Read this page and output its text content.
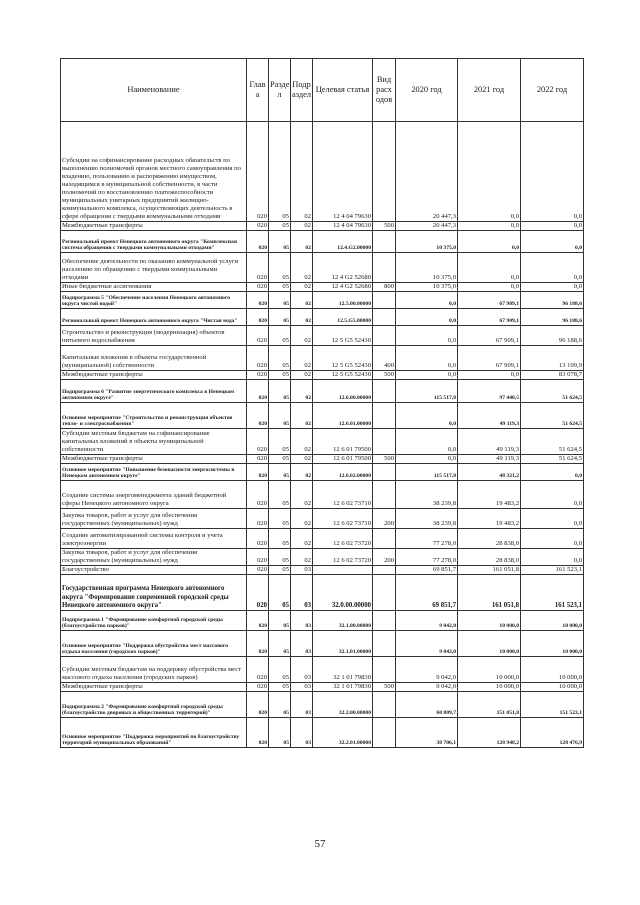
Наименование	Глав а	Разде л	Подр аздел	Целевая статья	Вид расх одов	2020 год	2021 год	2022 год
Субсидии на софинансирование расходных обязательств по выполнению полномочий органов местного самоуправления по владению, пользованию и распоряжению имуществом, находящимся в муниципальной собственности, в части полномочий по восстановлению платежеспособности муниципальных унитарных предприятий жилищно-коммунального комплекса, осуществляющих деятельность в сфере обращения с твердыми коммунальными отходами	020	05	02	12 4 04 79630		20 447,3	0,0	0,0
Межбюджетные трансферты	020	05	02	12 4 04 79630	500	20 447,3	0,0	0,0
Региональный проект Ненецкого автономного округа "Комплексная система обращения с твердыми коммунальными отходами"	020	05	02	12.4.G2.00000		10 375,0	0,0	0,0
Обеспечение деятельности по оказанию коммунальной услуги населению по обращению с твердыми коммунальными отходами	020	05	02	12 4 G2 52680		10 375,0	0,0	0,0
Иные бюджетные ассигнования	020	05	02	12 4 G2 52680	800	10 375,0	0,0	0,0
Подпрограмма 5 "Обеспечение населения Ненецкого автономного округа чистой водой"	020	05	02	12.5.00.00000		0,0	67 909,1	96 188,6
Региональный проект Ненецкого автономного округа "Чистая вода"	020	05	02	12.5.G5.00000		0,0	67 909,1	96 188,6
Строительство и реконструкция (модернизация) объектов питьевого водоснабжения	020	05	02	12 5 G5 52430		0,0	67 909,1	96 188,6
Капитальные вложения в объекты государственной (муниципальной) собственности	020	05	02	12 5 G5 52430	400	0,0	67 909,1	13 109,9
Межбюджетные трансферты	020	05	02	12 5 G5 52430	500	0,0	0,0	83 078,7
Подпрограмма 6 "Развитие энергетического комплекса в Ненецком автономном округе"	020	05	02	12.6.00.00000		115 517,8	97 440,5	51 624,5
Основное мероприятие "Строительство и реконструкция объектов тепло- и электроснабжения"	020	05	02	12.6.01.00000		0,0	49 119,3	51 624,5
Субсидии местным бюджетам на софинансирование капитальных вложений в объекты муниципальной собственности	020	05	02	12 6 01 79500		0,0	49 119,3	51 624,5
Межбюджетные трансферты	020	05	02	12 6 01 79500	500	0,0	49 119,3	51 624,5
Основное мероприятие "Повышение безопасности энергосистемы в Ненецком автономном округе"	020	05	02	12.6.02.00000		115 517,8	48 321,2	0,0
Создание системы энергоменеджмента зданий бюджетной сферы Ненецкого автономного округа	020	05	02	12 6 02 73710		38 239,8	19 483,2	0,0
Закупка товаров, работ и услуг для обеспечения государственных (муниципальных) нужд	020	05	02	12 6 02 73710	200	38 239,8	19 483,2	0,0
Создание автоматизированной системы контроля и учета электроэнергии	020	05	02	12 6 02 73720		77 278,0	28 838,0	0,0
Закупка товаров, работ и услуг для обеспечения государственных (муниципальных) нужд	020	05	02	12 6 02 73720	200	77 278,0	28 838,0	0,0
Благоустройство	020	05	03			69 851,7	161 051,8	161 523,1
Государственная программа Ненецкого автономного округа "Формирование современной городской среды Ненецкого автономного округа"	020	05	03	32.0.00.00000		69 851,7	161 051,8	161 523,1
Подпрограмма 1 "Формирование комфортной городской среды (благоустройство парков)"	020	05	03	32.1.00.00000		9 042,0	10 000,0	10 000,0
Основное мероприятие "Поддержка обустройства мест массового отдыха населения (городских парков)"	020	05	03	32.1.01.00000		9 042,0	10 000,0	10 000,0
Субсидии местным бюджетам на поддержку обустройства мест массового отдыха населения (городских парков)	020	05	03	32 1 01 79830		9 042,0	10 000,0	10 000,0
Межбюджетные трансферты	020	05	03	32 1 01 79830	500	9 042,0	10 000,0	10 000,0
Подпрограмма 2 "Формирование комфортной городской среды (благоустройство дворовых и общественных территорий)"	020	05	03	32.2.00.00000		60 809,7	151 051,8	151 523,1
Основное мероприятие "Поддержка мероприятий по благоустройству территорий муниципальных образований"	020	05	03	32.2.01.00000		38 706,1	128 948,2	128 476,9
57
